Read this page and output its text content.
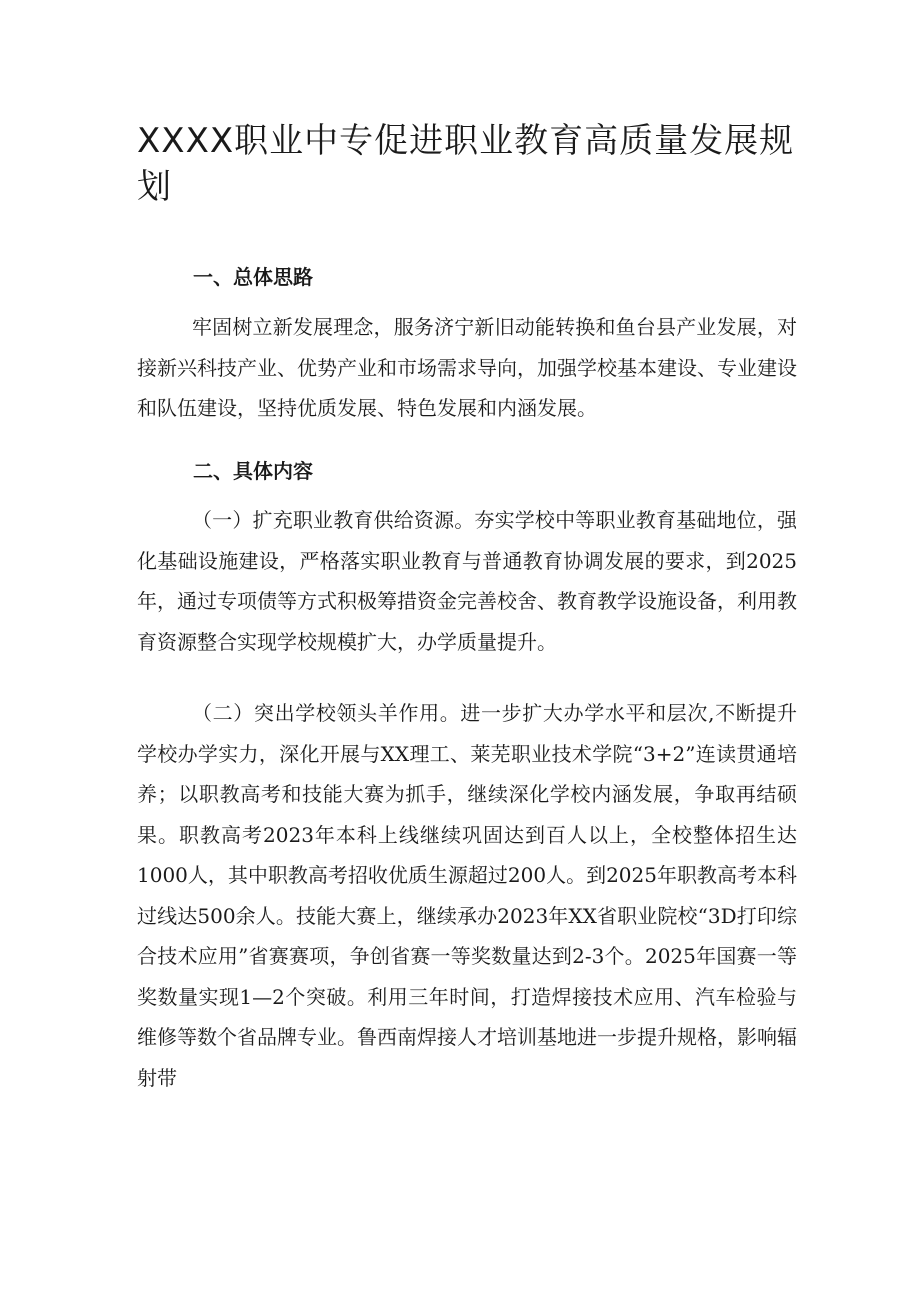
XXXX职业中专促进职业教育高质量发展规划
一、总体思路

牢固树立新发展理念，服务济宁新旧动能转换和鱼台县产业发展，对接新兴科技产业、优势产业和市场需求导向，加强学校基本建设、专业建设和队伍建设，坚持优质发展、特色发展和内涵发展。

二、具体内容

（一）扩充职业教育供给资源。夯实学校中等职业教育基础地位，强化基础设施建设，严格落实职业教育与普通教育协调发展的要求，到2025年，通过专项债等方式积极筹措资金完善校舍、教育教学设施设备，利用教育资源整合实现学校规模扩大，办学质量提升。

（二）突出学校领头羊作用。进一步扩大办学水平和层次,不断提升学校办学实力，深化开展与XX理工、莱芜职业技术学院“3+2”连读贯通培养；以职教高考和技能大赛为抓手，继续深化学校内涵发展，争取再结硕果。职教高考2023年本科上线继续巩固达到百人以上，全校整体招生达1000人，其中职教高考招收优质生源超过200人。到2025年职教高考本科过线达500余人。技能大赛上，继续承办2023年XX省职业院校“3D打印综合技术应用”省赛赛项，争创省赛一等奖数量达到2-3个。2025年国赛一等奖数量实现1—2个突破。利用三年时间，打造焊接技术应用、汽车检验与维修等数个省品牌专业。鲁西南焊接人才培训基地进一步提升规格，影响辐射带
